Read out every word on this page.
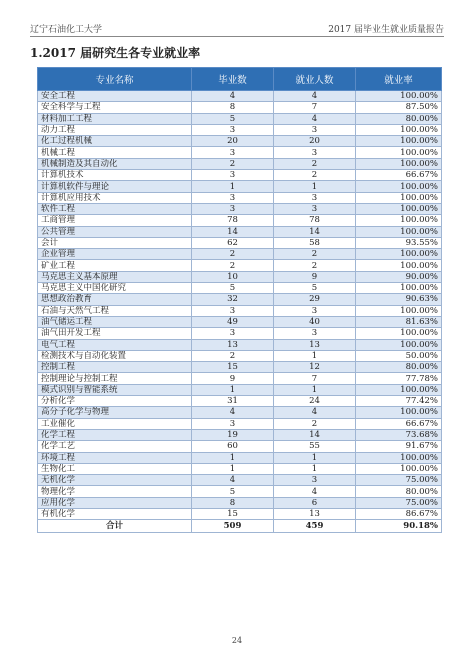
辽宁石油化工大学	2017 届毕业生就业质量报告
1.2017 届研究生各专业就业率
专业名称	毕业数	就业人数	就业率
安全工程	4	4	100.00%
安全科学与工程	8	7	87.50%
材料加工工程	5	4	80.00%
动力工程	3	3	100.00%
化工过程机械	20	20	100.00%
机械工程	3	3	100.00%
机械制造及其自动化	2	2	100.00%
计算机技术	3	2	66.67%
计算机软件与理论	1	1	100.00%
计算机应用技术	3	3	100.00%
软件工程	3	3	100.00%
工商管理	78	78	100.00%
公共管理	14	14	100.00%
会计	62	58	93.55%
企业管理	2	2	100.00%
矿业工程	2	2	100.00%
马克思主义基本原理	10	9	90.00%
马克思主义中国化研究	5	5	100.00%
思想政治教育	32	29	90.63%
石油与天然气工程	3	3	100.00%
油气储运工程	49	40	81.63%
油气田开发工程	3	3	100.00%
电气工程	13	13	100.00%
检测技术与自动化装置	2	1	50.00%
控制工程	15	12	80.00%
控制理论与控制工程	9	7	77.78%
模式识别与智能系统	1	1	100.00%
分析化学	31	24	77.42%
高分子化学与物理	4	4	100.00%
工业催化	3	2	66.67%
化学工程	19	14	73.68%
化学工艺	60	55	91.67%
环境工程	1	1	100.00%
生物化工	1	1	100.00%
无机化学	4	3	75.00%
物理化学	5	4	80.00%
应用化学	8	6	75.00%
有机化学	15	13	86.67%
合计	509	459	90.18%
24
